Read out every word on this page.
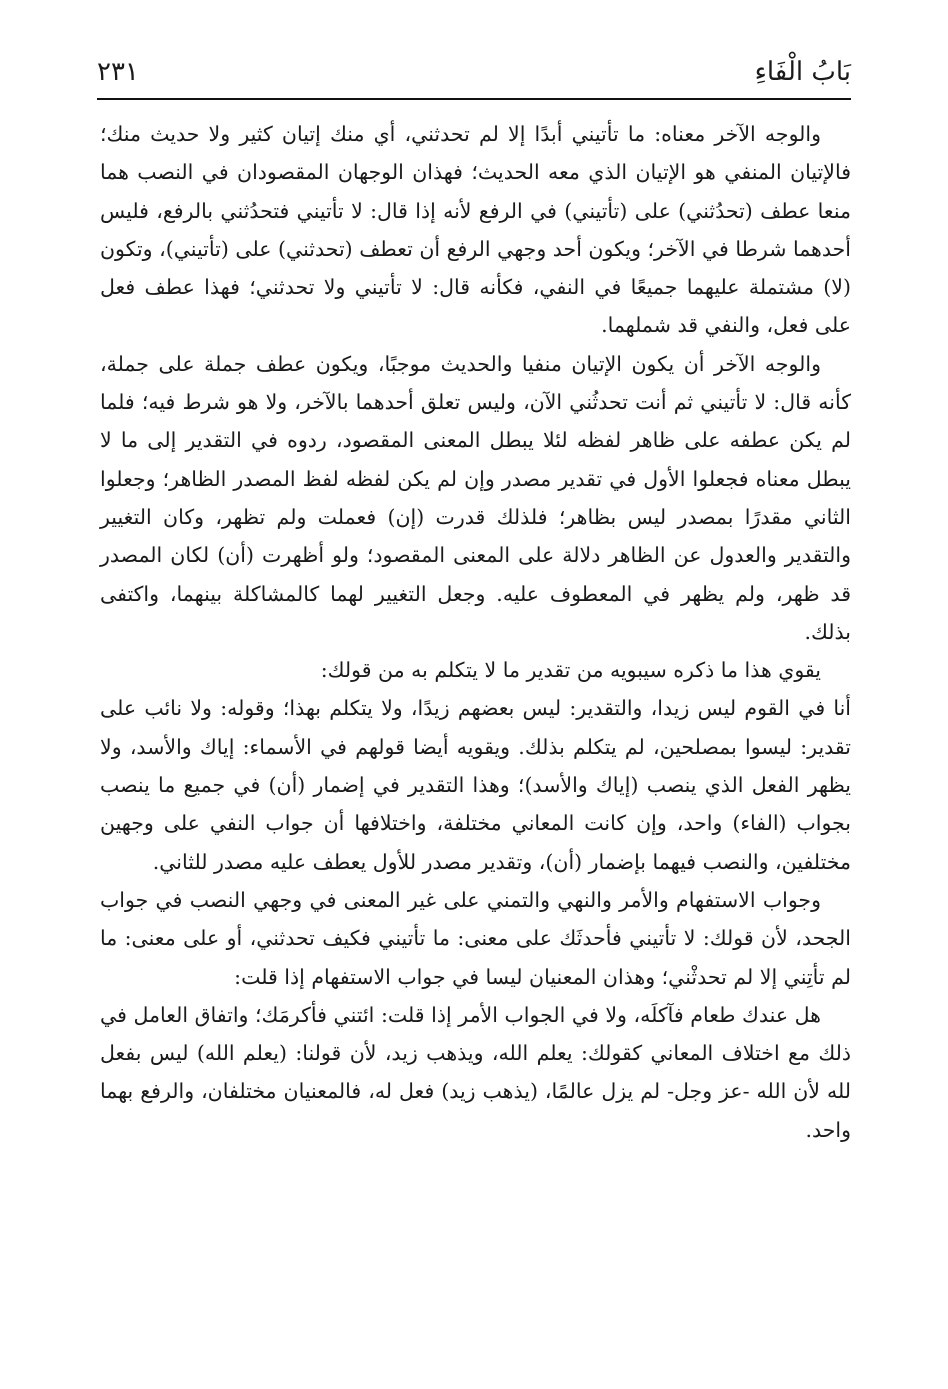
بَابُ الْفَاءِ
٢٣١

والوجه الآخر معناه: ما تأتيني أبدًا إلا لم تحدثني، أي منك إتيان كثير ولا حديث منك؛ فالإتيان المنفي هو الإتيان الذي معه الحديث؛ فهذان الوجهان المقصودان في النصب هما منعا عطف (تحدُثني) على (تأتيني) في الرفع لأنه إذا قال: لا تأتيني فتحدُثني بالرفع، فليس أحدهما شرطا في الآخر؛ ويكون أحد وجهي الرفع أن تعطف (تحدثني) على (تأتيني)، وتكون (لا) مشتملة عليهما جميعًا في النفي، فكأنه قال: لا تأتيني ولا تحدثني؛ فهذا عطف فعل على فعل، والنفي قد شملهما.

والوجه الآخر أن يكون الإتيان منفيا والحديث موجبًا، ويكون عطف جملة على جملة، كأنه قال: لا تأتيني ثم أنت تحدثُني الآن، وليس تعلق أحدهما بالآخر، ولا هو شرط فيه؛ فلما لم يكن عطفه على ظاهر لفظه لئلا يبطل المعنى المقصود، ردوه في التقدير إلى ما لا يبطل معناه فجعلوا الأول في تقدير مصدر وإن لم يكن لفظه لفظ المصدر الظاهر؛ وجعلوا الثاني مقدرًا بمصدر ليس بظاهر؛ فلذلك قدرت (إن) فعملت ولم تظهر، وكان التغيير والتقدير والعدول عن الظاهر دلالة على المعنى المقصود؛ ولو أظهرت (أن) لكان المصدر قد ظهر، ولم يظهر في المعطوف عليه. وجعل التغيير لهما كالمشاكلة بينهما، واكتفى بذلك.

يقوي هذا ما ذكره سيبويه من تقدير ما لا يتكلم به من قولك:

أنا في القوم ليس زيدا، والتقدير: ليس بعضهم زيدًا، ولا يتكلم بهذا؛ وقوله: ولا نائب على تقدير: ليسوا بمصلحين، لم يتكلم بذلك. ويقويه أيضا قولهم في الأسماء: إياك والأسد، ولا يظهر الفعل الذي ينصب (إياك والأسد)؛ وهذا التقدير في إضمار (أن) في جميع ما ينصب بجواب (الفاء) واحد، وإن كانت المعاني مختلفة، واختلافها أن جواب النفي على وجهين مختلفين، والنصب فيهما بإضمار (أن)، وتقدير مصدر للأول يعطف عليه مصدر للثاني.

وجواب الاستفهام والأمر والنهي والتمني على غير المعنى في وجهي النصب في جواب الجحد، لأن قولك: لا تأتيني فأحدثَك على معنى: ما تأتيني فكيف تحدثني، أو على معنى: ما لم تأتِني إلا لم تحدثْني؛ وهذان المعنيان ليسا في جواب الاستفهام إذا قلت:

هل عندك طعام فآكلَه، ولا في الجواب الأمر إذا قلت: ائتني فأكرمَك؛ واتفاق العامل في ذلك مع اختلاف المعاني كقولك: يعلم الله، ويذهب زيد، لأن قولنا: (يعلم الله) ليس بفعل لله لأن الله -عز وجل- لم يزل عالمًا، (يذهب زيد) فعل له، فالمعنيان مختلفان، والرفع بهما واحد.
